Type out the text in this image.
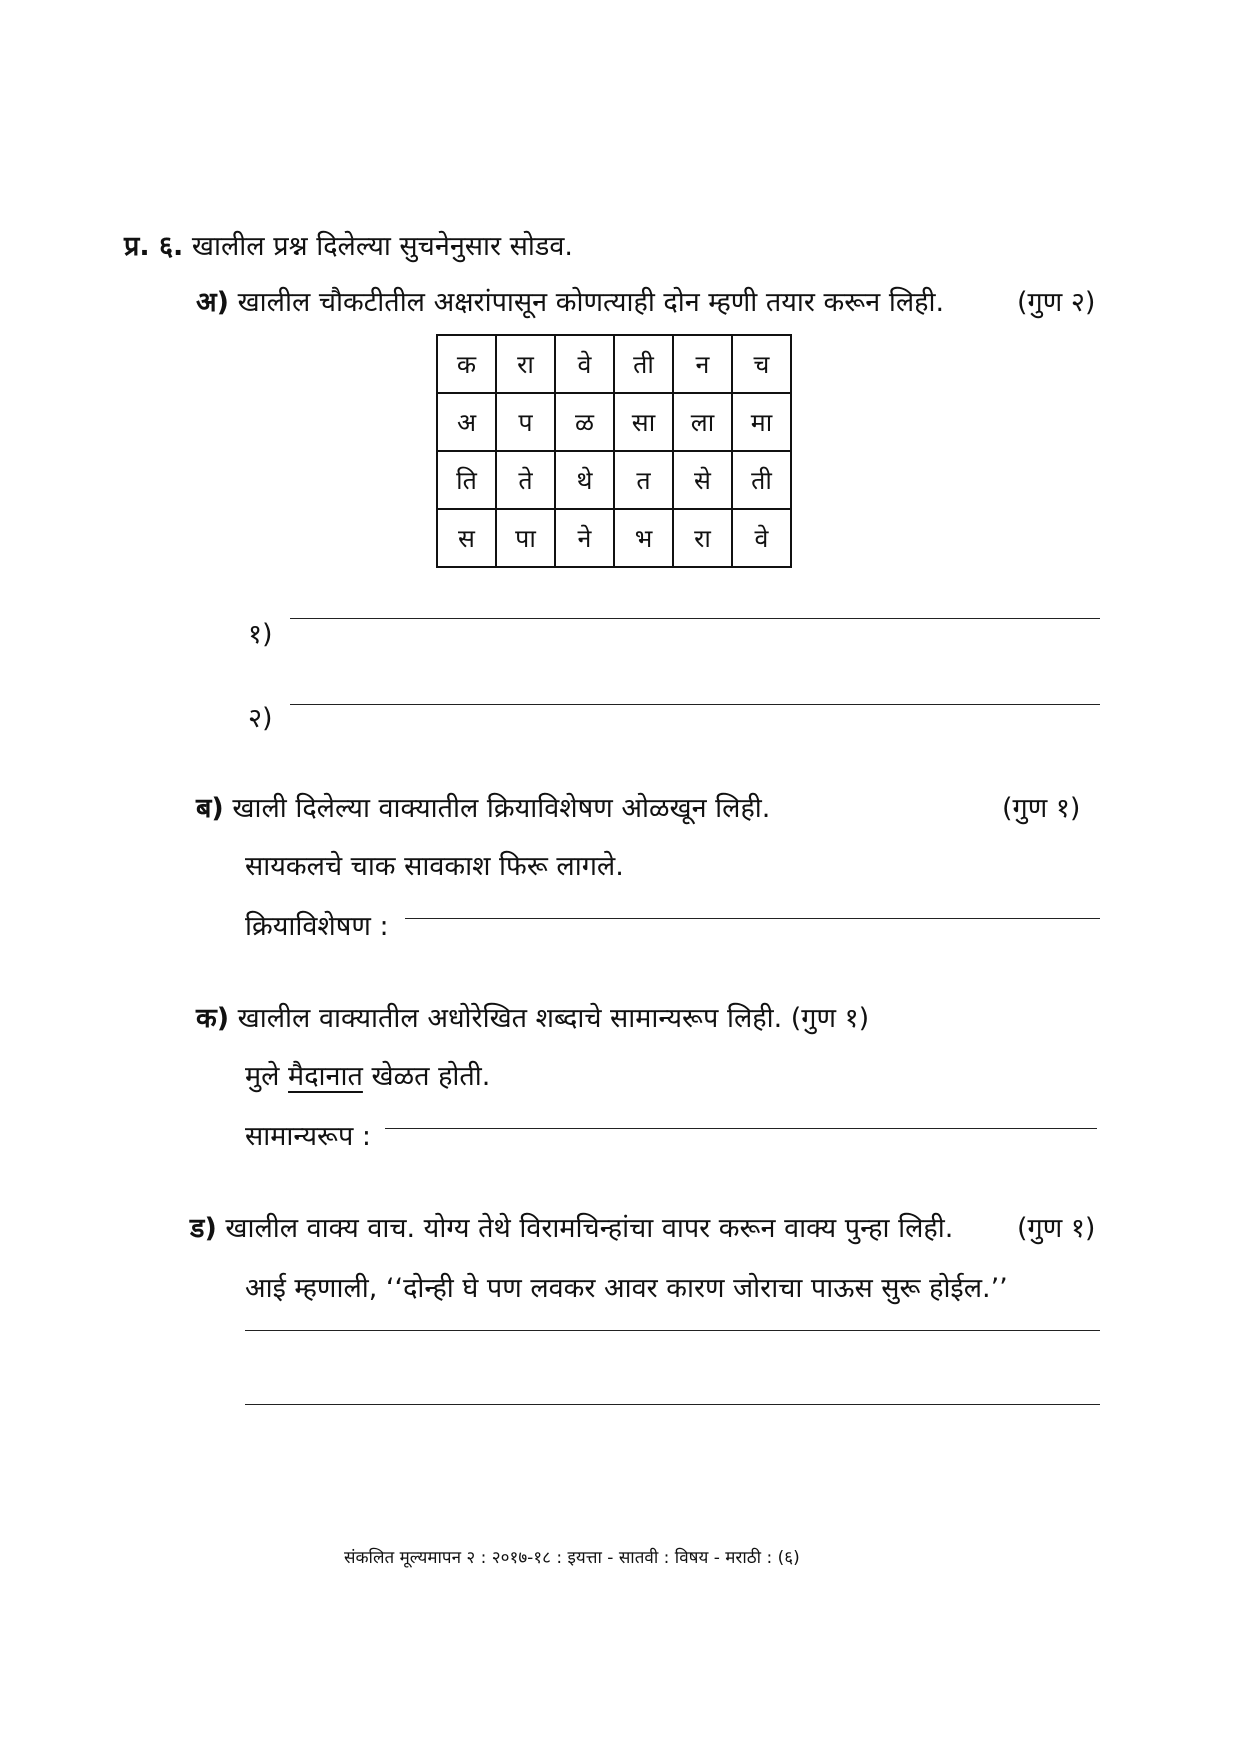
प्र. ६. खालील प्रश्न दिलेल्या सुचनेनुसार सोडव.
अ) खालील चौकटीतील अक्षरांपासून कोणत्याही दोन म्हणी तयार करून लिही.	(गुण २)
क	रा	वे	ती	न	च
अ	प	ळ	सा	ला	मा
ति	ते	थे	त	से	ती
स	पा	ने	भ	रा	वे
१)
२)
ब) खाली दिलेल्या वाक्यातील क्रियाविशेषण ओळखून लिही.	(गुण १)
सायकलचे चाक सावकाश फिरू लागले.
क्रियाविशेषण :
क) खालील वाक्यातील अधोरेखित शब्दाचे सामान्यरूप लिही. (गुण १)
मुले मैदानात खेळत होती.
सामान्यरूप :
ड) खालील वाक्य वाच. योग्य तेथे विरामचिन्हांचा वापर करून वाक्य पुन्हा लिही. (गुण १)
आई म्हणाली, ‘‘दोन्ही घे पण लवकर आवर कारण जोराचा पाऊस सुरू होईल.’’
संकलित मूल्यमापन २ : २०१७-१८ : इयत्ता - सातवी : विषय - मराठी : (६)
